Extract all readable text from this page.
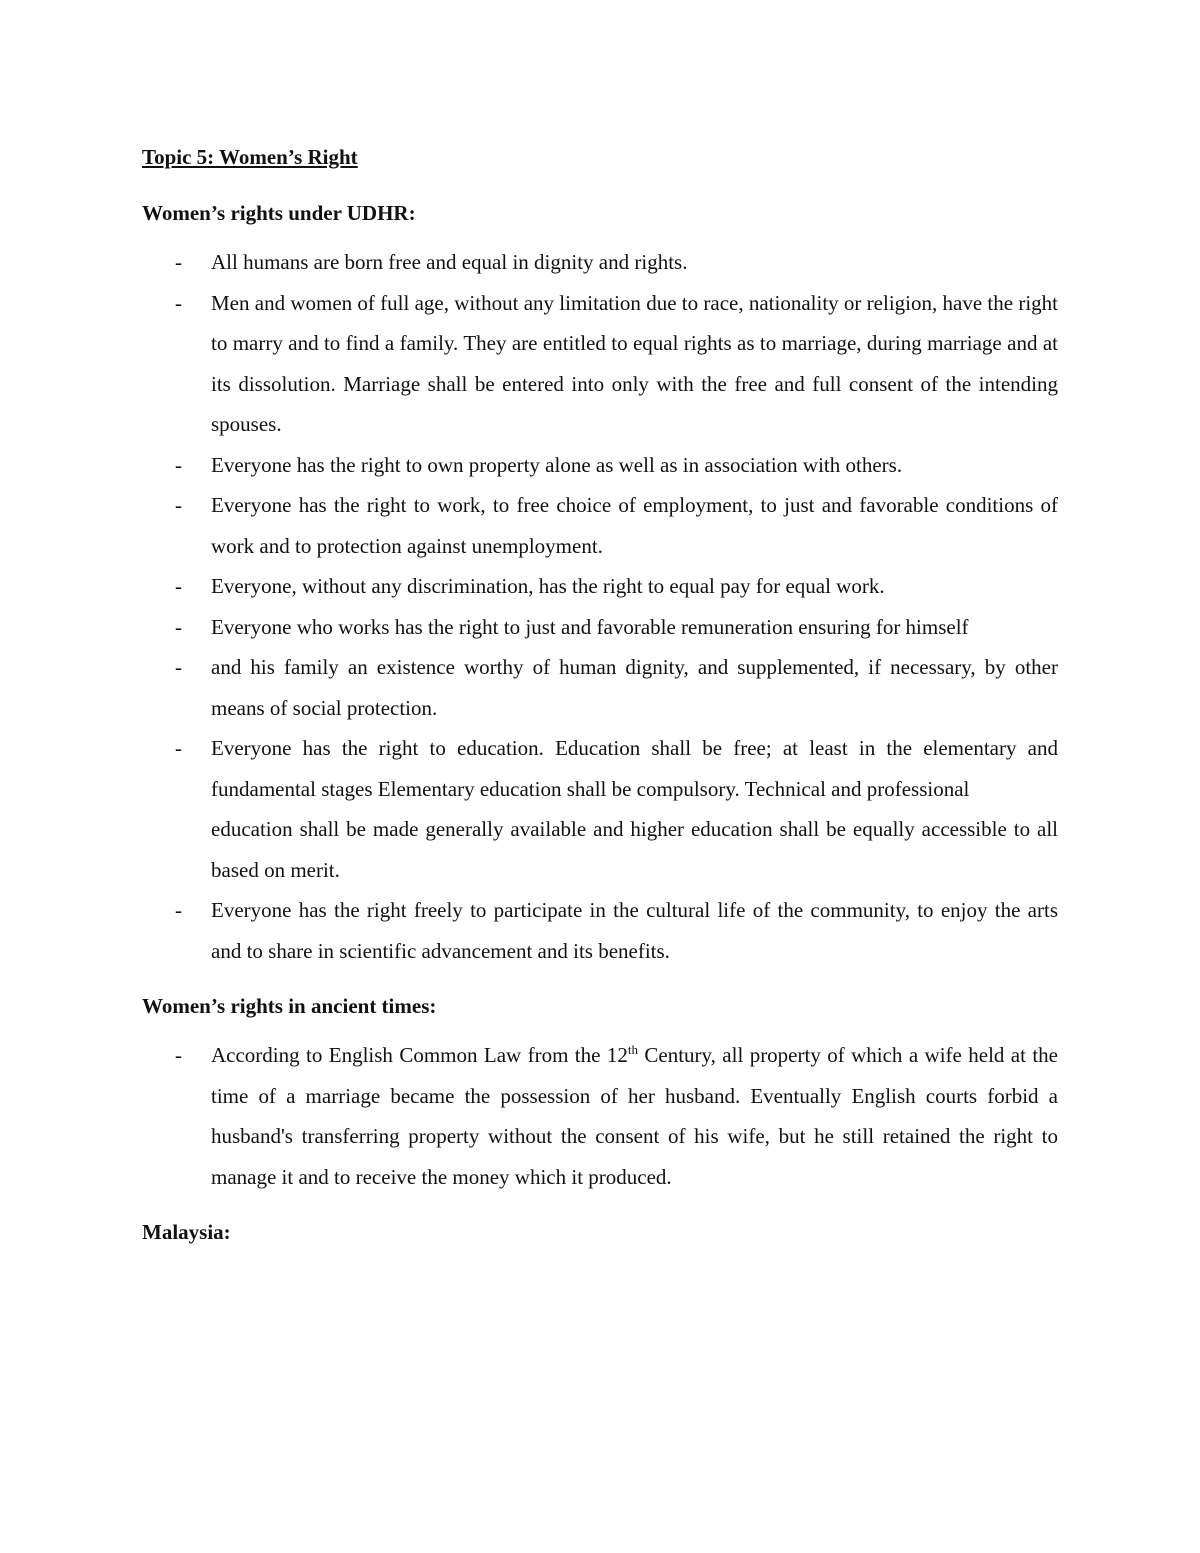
Topic 5: Women’s Right

Women’s rights under UDHR:

- All humans are born free and equal in dignity and rights.
- Men and women of full age, without any limitation due to race, nationality or religion, have the right to marry and to find a family. They are entitled to equal rights as to marriage, during marriage and at its dissolution. Marriage shall be entered into only with the free and full consent of the intending spouses.
- Everyone has the right to own property alone as well as in association with others.
- Everyone has the right to work, to free choice of employment, to just and favorable conditions of work and to protection against unemployment.
- Everyone, without any discrimination, has the right to equal pay for equal work.
- Everyone who works has the right to just and favorable remuneration ensuring for himself
- and his family an existence worthy of human dignity, and supplemented, if necessary, by other means of social protection.
- Everyone has the right to education. Education shall be free; at least in the elementary and fundamental stages Elementary education shall be compulsory. Technical and professional
education shall be made generally available and higher education shall be equally accessible to all based on merit.
- Everyone has the right freely to participate in the cultural life of the community, to enjoy the arts and to share in scientific advancement and its benefits.

Women’s rights in ancient times:

- According to English Common Law from the 12th Century, all property of which a wife held at the time of a marriage became the possession of her husband. Eventually English courts forbid a husband's transferring property without the consent of his wife, but he still retained the right to manage it and to receive the money which it produced.

Malaysia:
